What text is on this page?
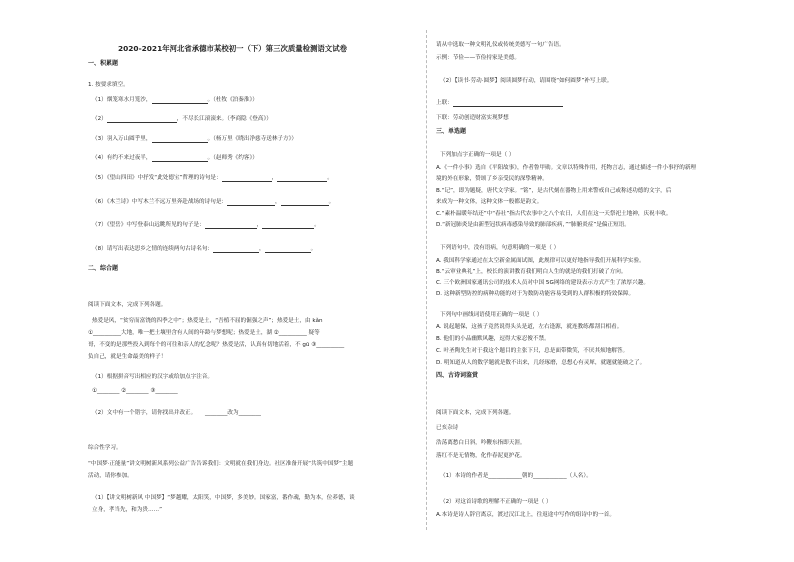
2020-2021年河北省承德市某校初一（下）第三次质量检测语文试卷
一、积累题
1. 按要求填空。
（1）烟笼寒水月笼沙，	。（杜牧《泊秦淮》）
（2）	，不尽长江滚滚来。（李商隐《登高》）
（3）羽入万山圆乎里，	。（杨万里《晓出净慈寺送林子方》）
（4）有约不来过夜半，	。（赵师秀《约客》）
（5）《望山四田》中抒发“此处德宝”哲理的诗句是：	，	。
（6）《木兰诗》中写木兰不远万里奔赴战场的诗句是：	，	。
（7）《望岳》中写登泰山远眺所见的句子是：	，	。
（8）请写出表达思乡之情的连续两句古诗名句：	，	。
二、综合题
阅读下面文本，完成下列各题。
热爱是风，“贫穷而富饶的四季之中”；热爱是土，“吾植不屈的倔强之声”；热爱是土，由 kǎn
①__________大地，唯一把土壤里含有人间的年龄与梦想呢；热爱是土，湖 ②__________ 疑等
哥，不变的是那些投入到每个的可往和亲人的忆念呢？热爱是活，认真有切地活着，不 gū ③__________
负自己，就是生命最美的样子！
（1）根据拼音写出相应的汉字或给加点字注音。
①________ ②________ ③________
（2）文中有一个错字，请你找出并改正。 ________改为________
综合性学习。
“中国梦·正能量”讲文明树新风系列公益广告告诉我们：文明就在我们身边。社区准备开展“共筑中国梦”主题
活动，请你参加。
（1）【讲文明树新风 中国梦】“梦越耀，太阳笑，中国梦，多美妙。国家富，番作魂，勤为本，位养德，谈
立身，孝当先，和为贵……”
请从中选取一种文明礼仪或传统美德写一句广告语。
示例：节俭——节俭持家是美德。
（2）【读书·劳动·圆梦】阅读圆梦行动，请围绕“如何圆梦”补写上联。
上联：
下联：劳动创造财富实现梦想
三、单选题
下列加点字正确的一项是（ ）
A.《一件小事》选自《平阳故事》，作者鲁甲勋。文章以特殊作用，托物言志，通过描述一件小事抒的新理
境的外在形象，赞颂了乡亲受民的深挚精神。
B.“记”，即为题疑，唐代文学家。“铭”，是古代刻在器物上用来警戒自己或称述功德的文字，后
来成为一种文体，这种文体一般都是韵文。
C.“素朴温暖年结还”中“春社”指古代农事中之八个农日，人们在这一天祭祀土地神，庆祝丰收。
D.“新冠肺炎是由新型冠状病毒感染导致的肺部疾病，”“肺腑炎症”是偏正短语。
下列语句中，没有语病，句意明确的一项是（ ）
A. 我国科学家通过在太空新金属面试图，此规律可以更好地指导我们开展科学实验。
B.“云审业典礼”上，校长的演讲教育我们明白人生的就是的我们打破了方向。
C. 三个欧洲国家通讯公司的技术人员对中国 5G网络的建设表示方式产生了浓厚兴趣。
D. 这种新型防控的病种功能的对于为数防功能容易受到的人群积极的特效保障。
下列句中画线词语使用正确的一项是（ ）
A. 说起题保，这孩子竟然说得头头是道，左右逢源，就连教练都刮目相看。
B. 他们的小品幽默风趣，逗得大家忍俊不禁。
C. 叶圣陶先生对于我这个题目的主张下只，总是面带微笑，不厌其烦地解答。
D. 明知道从人的数学题就是数不出来，几经琢磨，总想心有灵犀，就题就能破之了。
四、古诗词鉴赏
阅读下面文本，完成下列各题。
已亥杂诗
浩荡离愁白日斜，吟鞭东指即天涯。
落红不是无情物，化作春泥更护花。
（1）本诗的作者是____________朝的____________（人名）。
（2）对这首诗歌的理解不正确的一项是（ ）
A.本诗是诗人辞官离京，渡过汉江北上，往返途中写作的组诗中的一首。
